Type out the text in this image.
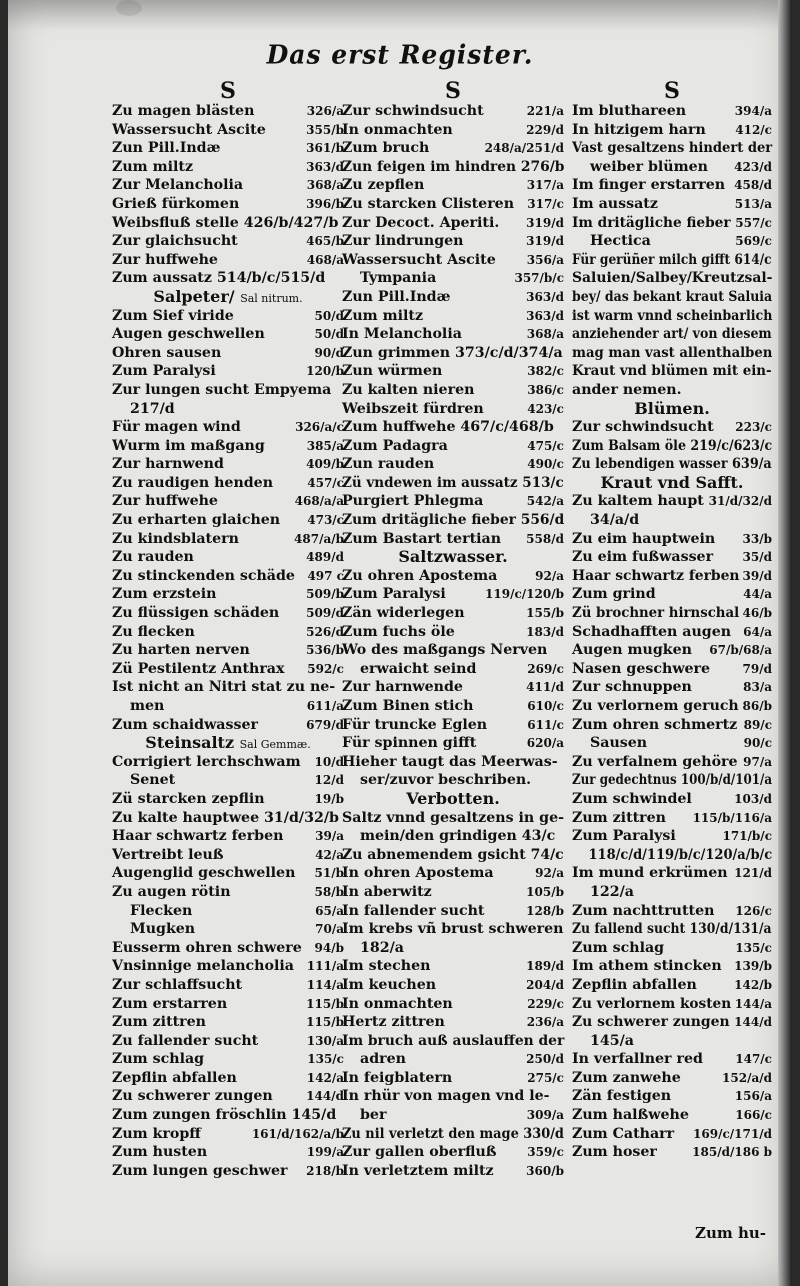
Das erst Register.
S
Zu magen blästen	326/a
Wassersucht Ascite	355/b
Zun Pill.Indæ	361/b
Zum miltz	363/d
Zur Melancholia	368/a
Grieß fürkomen	396/b
Weibsfluß stelle 426/b/427/b
Zur glaichsucht	465/b
Zur huffwehe	468/a
Zum aussatz 514/b/c/515/d
Salpeter/ Sal nitrum.
Zum Sief viride	50/d
Augen geschwellen	50/d
Ohren sausen	90/d
Zum Paralysi	120/b
Zur lungen sucht Empyema
217/d
Für magen wind	326/a/c
Wurm im maßgang	385/a
Zur harnwend	409/b
Zu raudigen henden	457/c
Zur huffwehe	468/a/a
Zu erharten glaichen 473/c
Zu kindsblatern	487/a/b
Zu rauden	489/d
Zu stinckenden schäde 497 c
Zum erzstein	509/b
Zu flüssigen schäden 509/d
Zu flecken	526/d
Zu harten nerven	536/b
Zü Pestilentz Anthrax 592/c
Ist nicht an Nitri stat zu ne-
men	611/a
Zum schaidwasser	679/d
Steinsaltz Sal Gemmæ.
Corrigiert lerchschwam 10/d
Senet	12/d
Zü starcken zepflin	19/b
Zu kalte hauptwee 31/d/32/b
Haar schwartz ferben	39/a
Vertreibt leuß	42/a
Augenglid geschwellen 51/b
Zu augen rötin	58/b
Flecken	65/a
Mugken	70/a
Eusserm ohren schwere 94/b
Vnsinnige melancholia 111/a
Zur schlaffsucht	114/a
Zum erstarren	115/b
Zum zittren	115/b
Zu fallender sucht	130/a
Zum schlag	135/c
Zepflin abfallen	142/a
Zu schwerer zungen	144/d
Zum zungen fröschlin 145/d
Zum kropff	161/d/162/a/b
Zum husten	199/a
Zum lungen geschwer 218/b
S
Zur schwindsucht	221/a
In onmachten	229/d
Zum bruch	248/a/251/d
Zun feigen im hindren 276/b
Zu zepflen	317/a
Zu starcken Clisteren 317/c
Zur Decoct. Aperiti. 319/d
Zur lindrungen	319/d
Wassersucht Ascite	356/a
Tympania	357/b/c
Zun Pill.Indæ	363/d
Zum miltz	363/d
In Melancholia	368/a
Zun grimmen 373/c/d/374/a
Zun würmen	382/c
Zu kalten nieren	386/c
Weibszeit fürdren	423/c
Zum huffwehe 467/c/468/b
Zum Padagra	475/c
Zun rauden	490/c
Zü vndewen im aussatz 513/c
Purgiert Phlegma	542/a
Zum dritägliche fieber 556/d
Zum Bastart tertian 558/d
Saltzwasser.
Zu ohren Apostema	92/a
Zum Paralysi	119/c/120/b
Zän widerlegen	155/b
Zum fuchs öle	183/d
Wo des maßgangs Nerven
erwaicht seind	269/c
Zur harnwende	411/d
Zum Binen stich	610/c
Für truncke Eglen	611/c
Für spinnen gifft	620/a
Hieher taugt das Meerwas-
ser/zuvor beschriben.
Verbotten.
Saltz vnnd gesaltzens in ge-
mein/den grindigen 43/c
Zu abnemendem gsicht 74/c
In ohren Apostema	92/a
In aberwitz	105/b
In fallender sucht	128/b
Im krebs vñ brust schweren
182/a
Im stechen	189/d
Im keuchen	204/d
In onmachten	229/c
Hertz zittren	236/a
Im bruch auß auslauffen der
adren	250/d
In feigblatern	275/c
In rhür von magen vnd le-
ber	309/a
Zu nil verletzt den mage 330/d
Zur gallen oberfluß	359/c
In verletztem miltz	360/b
S
Im bluthareen	394/a
In hitzigem harn 412/c
Vast gesaltzens hindert der
weiber blümen 423/d
Im finger erstarren 458/d
Im aussatz	513/a
Im dritägliche fieber 557/c
Hectica	569/c
Für gerüñer milch gifft 614/c
Saluien/Salbey/Kreutzsal-
bey/ das bekant kraut Saluia
ist warm vnnd scheinbarlich
anziehender art/ von diesem
mag man vast allenthalben
Kraut vnd blümen mit ein-
ander nemen.
Blümen.
Zur schwindsucht 223/c
Zum Balsam öle 219/c/623/c
Zu lebendigen wasser 639/a
Kraut vnd Safft.
Zu kaltem haupt 31/d/32/d
34/a/d
Zu eim hauptwein 33/b
Zu eim fußwasser 35/d
Haar schwartz ferben 39/d
Zum grind	44/a
Zü brochner hirnschal 46/b
Schadhafften augen 64/a
Augen mugken 67/b/68/a
Nasen geschwere	79/d
Zur schnuppen	83/a
Zu verlornem geruch 86/b
Zum ohren schmertz 89/c
Sausen	90/c
Zu verfalnem gehöre 97/a
Zur gedechtnus 100/b/d/101/a
Zum schwindel	103/d
Zum zittren 115/b/116/a
Zum Paralysi	171/b/c
118/c/d/119/b/c/120/a/b/c
Im mund erkrümen 121/d
122/a
Zum nachttrutten 126/c
Zu fallend sucht 130/d/131/a
Zum schlag	135/c
Im athem stincken 139/b
Zepflin abfallen	142/b
Zu verlornem kosten 144/a
Zu schwerer zungen 144/d
145/a
In verfallner red	147/c
Zum zanwehe	152/a/d
Zän festigen	156/a
Zum halßwehe	166/c
Zum Catharr 169/c/171/d
Zum hoser	185/d/186 b
Zum hu-
